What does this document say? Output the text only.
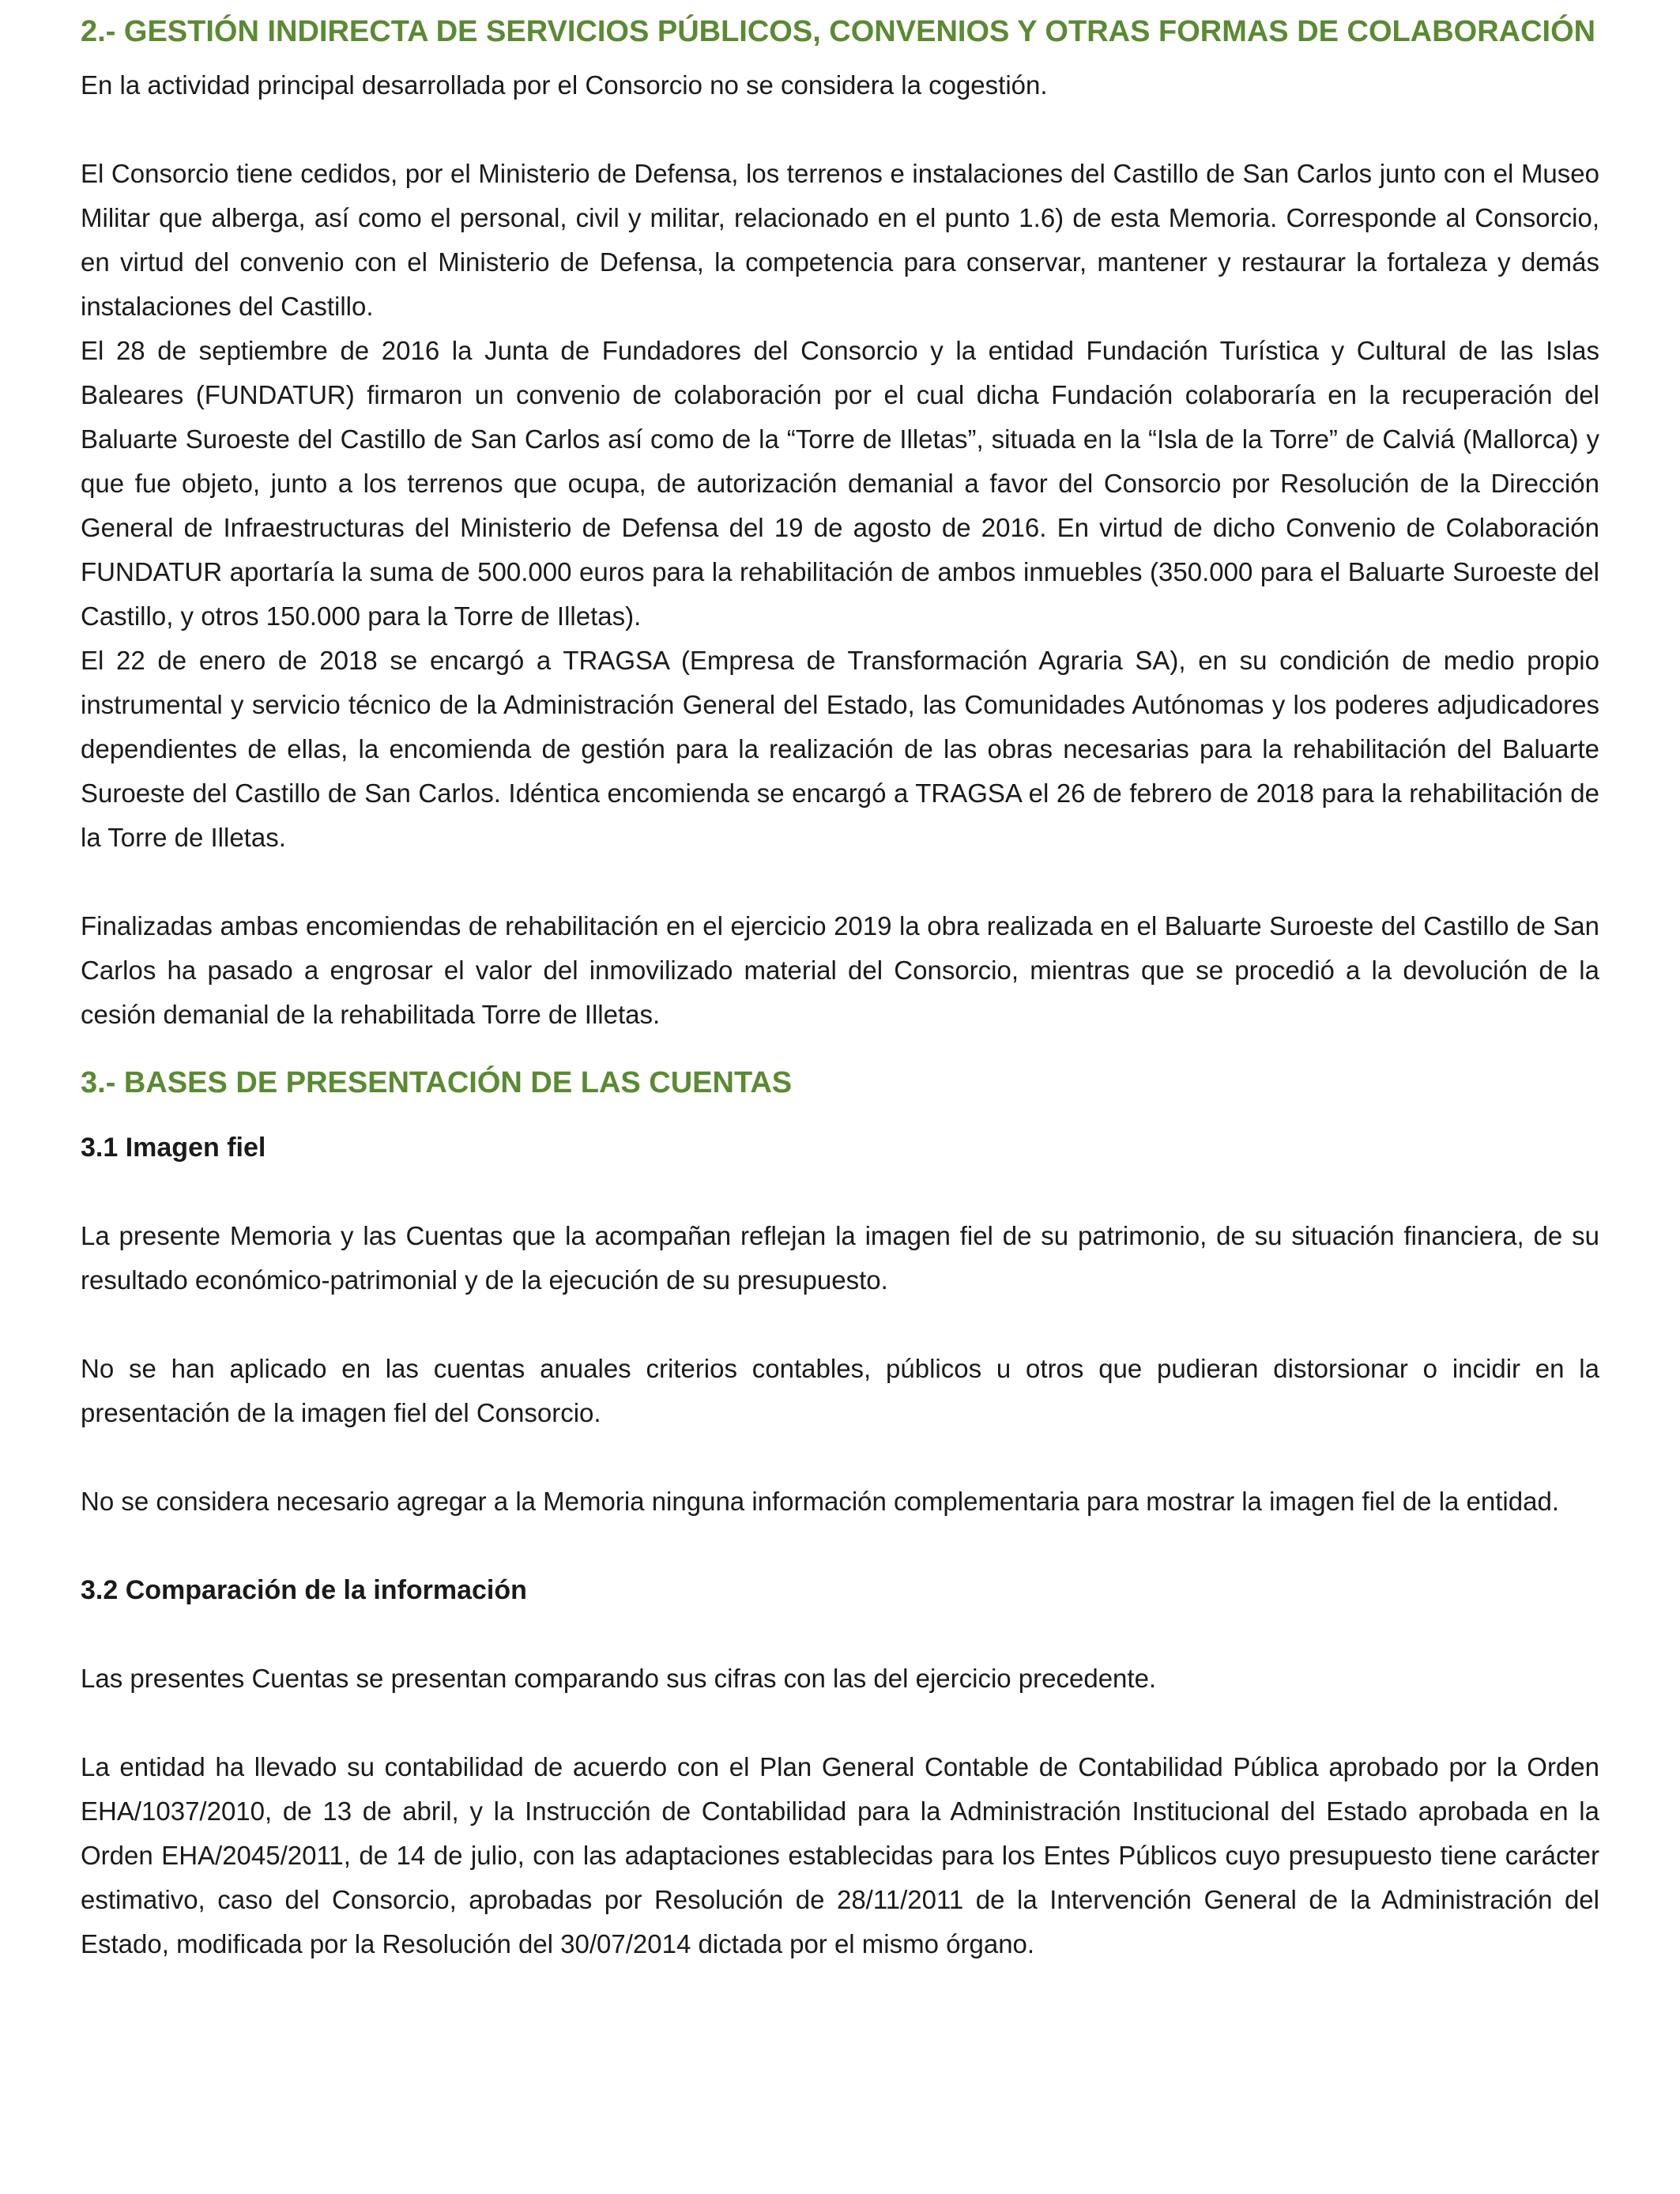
2.- GESTIÓN INDIRECTA DE SERVICIOS PÚBLICOS, CONVENIOS Y OTRAS FORMAS DE COLABORACIÓN

En la actividad principal desarrollada por el Consorcio no se considera la cogestión.

El Consorcio tiene cedidos, por el Ministerio de Defensa, los terrenos e instalaciones del Castillo de San Carlos junto con el Museo Militar que alberga, así como el personal, civil y militar, relacionado en el punto 1.6) de esta Memoria. Corresponde al Consorcio, en virtud del convenio con el Ministerio de Defensa, la competencia para conservar, mantener y restaurar la fortaleza y demás instalaciones del Castillo.

El 28 de septiembre de 2016 la Junta de Fundadores del Consorcio y la entidad Fundación Turística y Cultural de las Islas Baleares (FUNDATUR) firmaron un convenio de colaboración por el cual dicha Fundación colaboraría en la recuperación del Baluarte Suroeste del Castillo de San Carlos así como de la “Torre de Illetas”, situada en la “Isla de la Torre” de Calviá (Mallorca) y que fue objeto, junto a los terrenos que ocupa, de autorización demanial a favor del Consorcio por Resolución de la Dirección General de Infraestructuras del Ministerio de Defensa del 19 de agosto de 2016. En virtud de dicho Convenio de Colaboración FUNDATUR aportaría la suma de 500.000 euros para la rehabilitación de ambos inmuebles (350.000 para el Baluarte Suroeste del Castillo, y otros 150.000 para la Torre de Illetas).

El 22 de enero de 2018 se encargó a TRAGSA (Empresa de Transformación Agraria SA), en su condición de medio propio instrumental y servicio técnico de la Administración General del Estado, las Comunidades Autónomas y los poderes adjudicadores dependientes de ellas, la encomienda de gestión para la realización de las obras necesarias para la rehabilitación del Baluarte Suroeste del Castillo de San Carlos. Idéntica encomienda se encargó a TRAGSA el 26 de febrero de 2018 para la rehabilitación de la Torre de Illetas.

Finalizadas ambas encomiendas de rehabilitación en el ejercicio 2019 la obra realizada en el Baluarte Suroeste del Castillo de San Carlos ha pasado a engrosar el valor del inmovilizado material del Consorcio, mientras que se procedió a la devolución de la cesión demanial de la rehabilitada Torre de Illetas.

3.- BASES DE PRESENTACIÓN DE LAS CUENTAS
3.1 Imagen fiel

La presente Memoria y las Cuentas que la acompañan reflejan la imagen fiel de su patrimonio, de su situación financiera, de su resultado económico-patrimonial y de la ejecución de su presupuesto.

No se han aplicado en las cuentas anuales criterios contables, públicos u otros que pudieran distorsionar o incidir en la presentación de la imagen fiel del Consorcio.

No se considera necesario agregar a la Memoria ninguna información complementaria para mostrar la imagen fiel de la entidad.

3.2 Comparación de la información

Las presentes Cuentas se presentan comparando sus cifras con las del ejercicio precedente.

La entidad ha llevado su contabilidad de acuerdo con el Plan General Contable de Contabilidad Pública aprobado por la Orden EHA/1037/2010, de 13 de abril, y la Instrucción de Contabilidad para la Administración Institucional del Estado aprobada en la Orden EHA/2045/2011, de 14 de julio, con las adaptaciones establecidas para los Entes Públicos cuyo presupuesto tiene carácter estimativo, caso del Consorcio, aprobadas por Resolución de 28/11/2011 de la Intervención General de la Administración del Estado, modificada por la Resolución del 30/07/2014 dictada por el mismo órgano.
